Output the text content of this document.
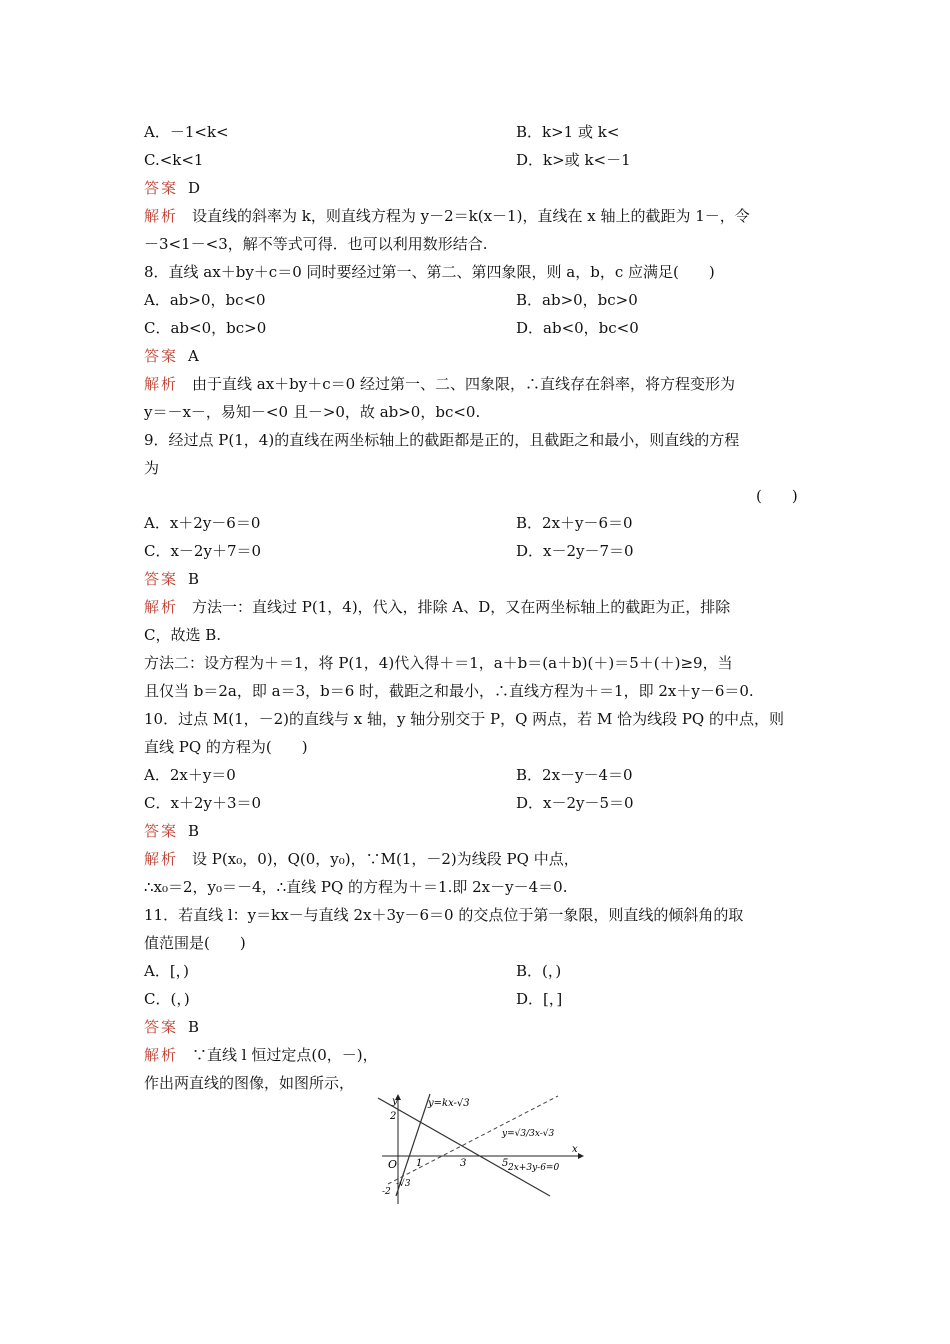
A．－1<k<	B．k>1 或 k<
C.<k<1	D．k>或 k<－1
答案 D
解析 设直线的斜率为 k，则直线方程为 y－2＝k(x－1)，直线在 x 轴上的截距为 1－，令
－3<1－<3，解不等式可得．也可以利用数形结合.
8．直线 ax＋by＋c＝0 同时要经过第一、第二、第四象限，则 a，b，c 应满足(　　)
A．ab>0，bc<0	B．ab>0，bc>0
C．ab<0，bc>0	D．ab<0，bc<0
答案 A
解析 由于直线 ax＋by＋c＝0 经过第一、二、四象限，∴直线存在斜率，将方程变形为
y＝－x－，易知－<0 且－>0，故 ab>0，bc<0.
9．经过点 P(1，4)的直线在两坐标轴上的截距都是正的，且截距之和最小，则直线的方程
为
(　　)
A．x＋2y－6＝0	B．2x＋y－6＝0
C．x－2y＋7＝0	D．x－2y－7＝0
答案 B
解析 方法一：直线过 P(1，4)，代入，排除 A、D，又在两坐标轴上的截距为正，排除
C，故选 B.
方法二：设方程为＋＝1，将 P(1，4)代入得＋＝1，a＋b＝(a＋b)(＋)＝5＋(＋)≥9，当
且仅当 b＝2a，即 a＝3，b＝6 时，截距之和最小，∴直线方程为＋＝1，即 2x＋y－6＝0.
10．过点 M(1，－2)的直线与 x 轴，y 轴分别交于 P，Q 两点，若 M 恰为线段 PQ 的中点，则
直线 PQ 的方程为(　　)
A．2x＋y＝0	B．2x－y－4＝0
C．x＋2y＋3＝0	D．x－2y－5＝0
答案 B
解析 设 P(x₀，0)，Q(0，y₀)，∵M(1，－2)为线段 PQ 中点，
∴x₀＝2，y₀＝－4，∴直线 PQ 的方程为＋＝1.即 2x－y－4＝0.
11．若直线 l：y＝kx－与直线 2x＋3y－6＝0 的交点位于第一象限，则直线的倾斜角的取
值范围是(　　)
A．[，)	B．(，)
C．(，)	D．[，]
答案 B
解析 ∵直线 l 恒过定点(0，－)，
作出两直线的图像，如图所示，
y
x
O
2
1	3	5
-2
-√3
y=kx-√3
y=√3/3x-√3
2x+3y-6=0
